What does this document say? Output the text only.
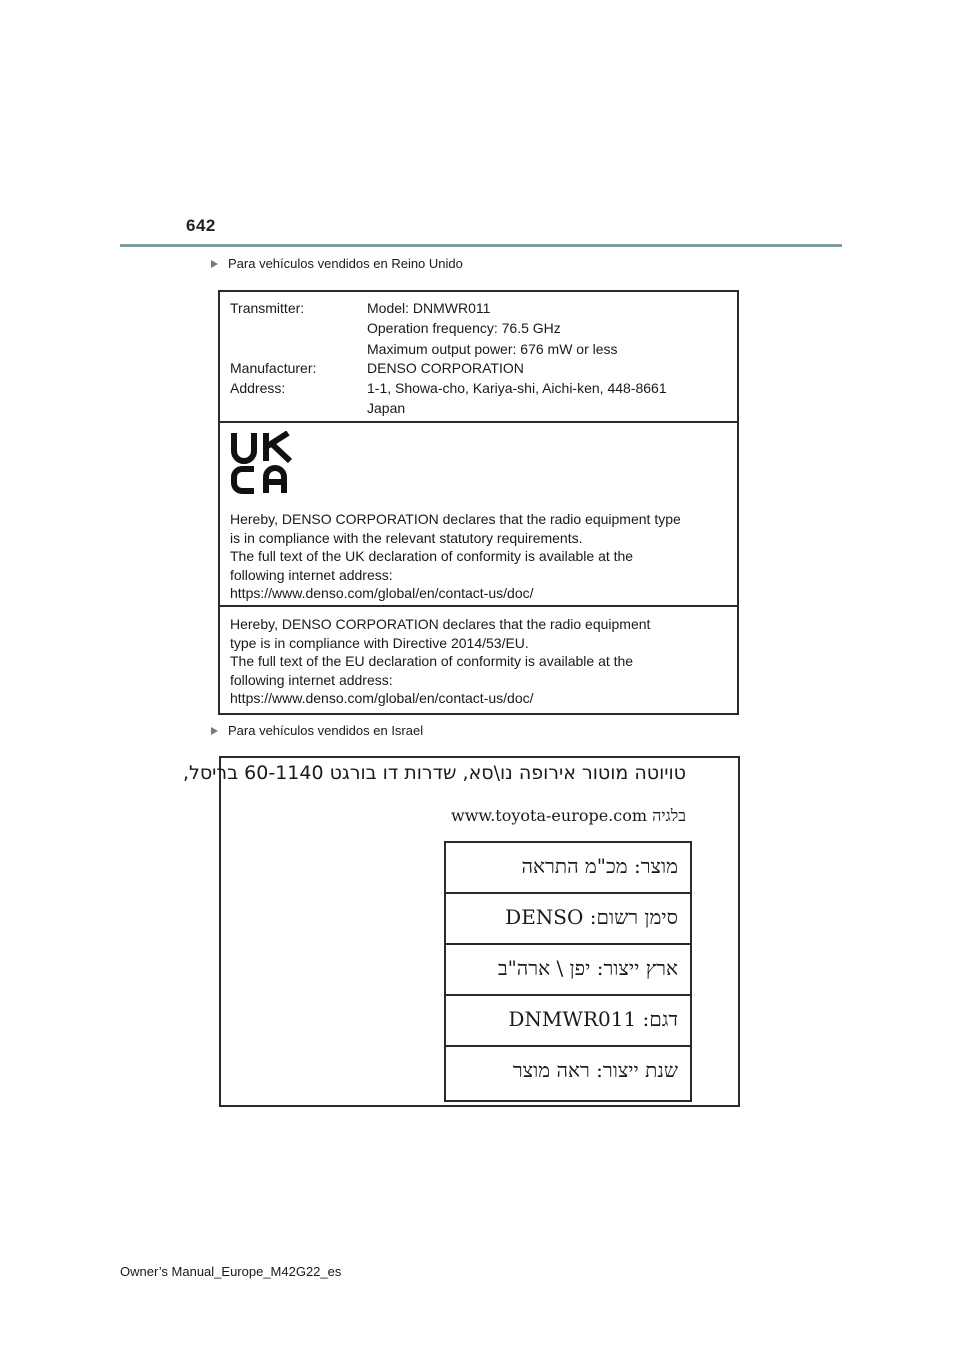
642
Para vehículos vendidos en Reino Unido
Transmitter:	Model: DNMWR011
Operation frequency: 76.5 GHz
Maximum output power: 676 mW or less
Manufacturer:	DENSO CORPORATION
Address:	1-1, Showa-cho, Kariya-shi, Aichi-ken, 448-8661
Japan
Hereby, DENSO CORPORATION declares that the radio equipment type
is in compliance with the relevant statutory requirements.
The full text of the UK declaration of conformity is available at the
following internet address:
https://www.denso.com/global/en/contact-us/doc/
Hereby, DENSO CORPORATION declares that the radio equipment
type is in compliance with Directive 2014/53/EU.
The full text of the EU declaration of conformity is available at the
following internet address:
https://www.denso.com/global/en/contact-us/doc/
Para vehículos vendidos en Israel
טויוטה מוטור אירופה נו\סא, שדרות דו בורגט 60-1140 בריסל,
בלגיה www.toyota-europe.com
מוצר: מכ"מ התראה
סימן רשום: DENSO
ארץ ייצור: יפן \ ארה"ב
דגם: DNMWR011
שנת ייצור: ראה מוצר
Owner’s Manual_Europe_M42G22_es
